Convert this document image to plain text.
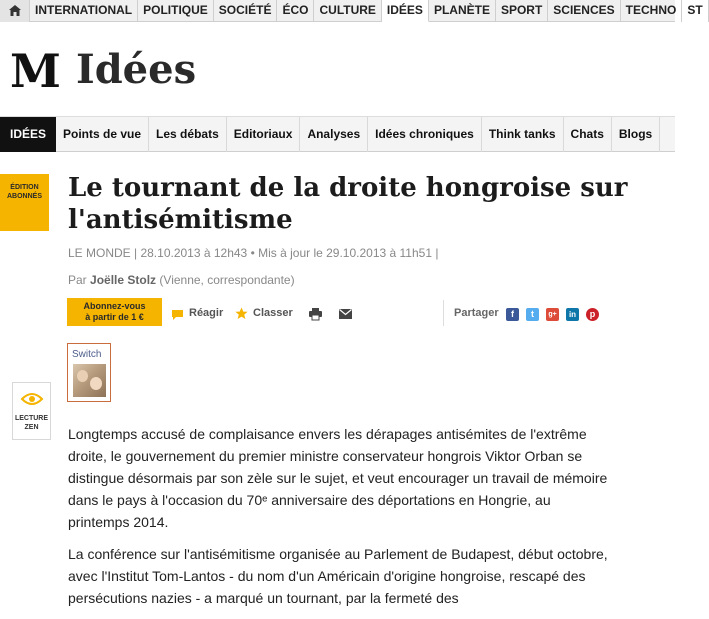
INTERNATIONAL POLITIQUE SOCIÉTÉ ÉCO CULTURE IDÉES PLANÈTE SPORT SCIENCES TECHNO ST
M Idées
IDÉES	Points de vue	Les débats	Editoriaux	Analyses	Idées chroniques	Think tanks	Chats	Blogs
ÉDITION
ABONNÉS Le tournant de la droite hongroise sur l'antisémitisme
LE MONDE | 28.10.2013 à 12h43 • Mis à jour le 29.10.2013 à 11h51 |
Par Joëlle Stolz (Vienne, correspondante)
Abonnez-vous
à partir de 1 €	Réagir	Classer	Partager	f	t	g+	in	p
Switch
LECTURE
ZEN	Longtemps accusé de complaisance envers les dérapages antisémites de l'extrême droite, le gouvernement du premier ministre conservateur hongrois Viktor Orban se distingue désormais par son zèle sur le sujet, et veut encourager un travail de mémoire dans le pays à l'occasion du 70ᵉ anniversaire des déportations en Hongrie, au printemps 2014.

La conférence sur l'antisémitisme organisée au Parlement de Budapest, début octobre, avec l'Institut Tom-Lantos - du nom d'un Américain d'origine hongroise, rescapé des persécutions nazies - a marqué un tournant, par la fermeté des
